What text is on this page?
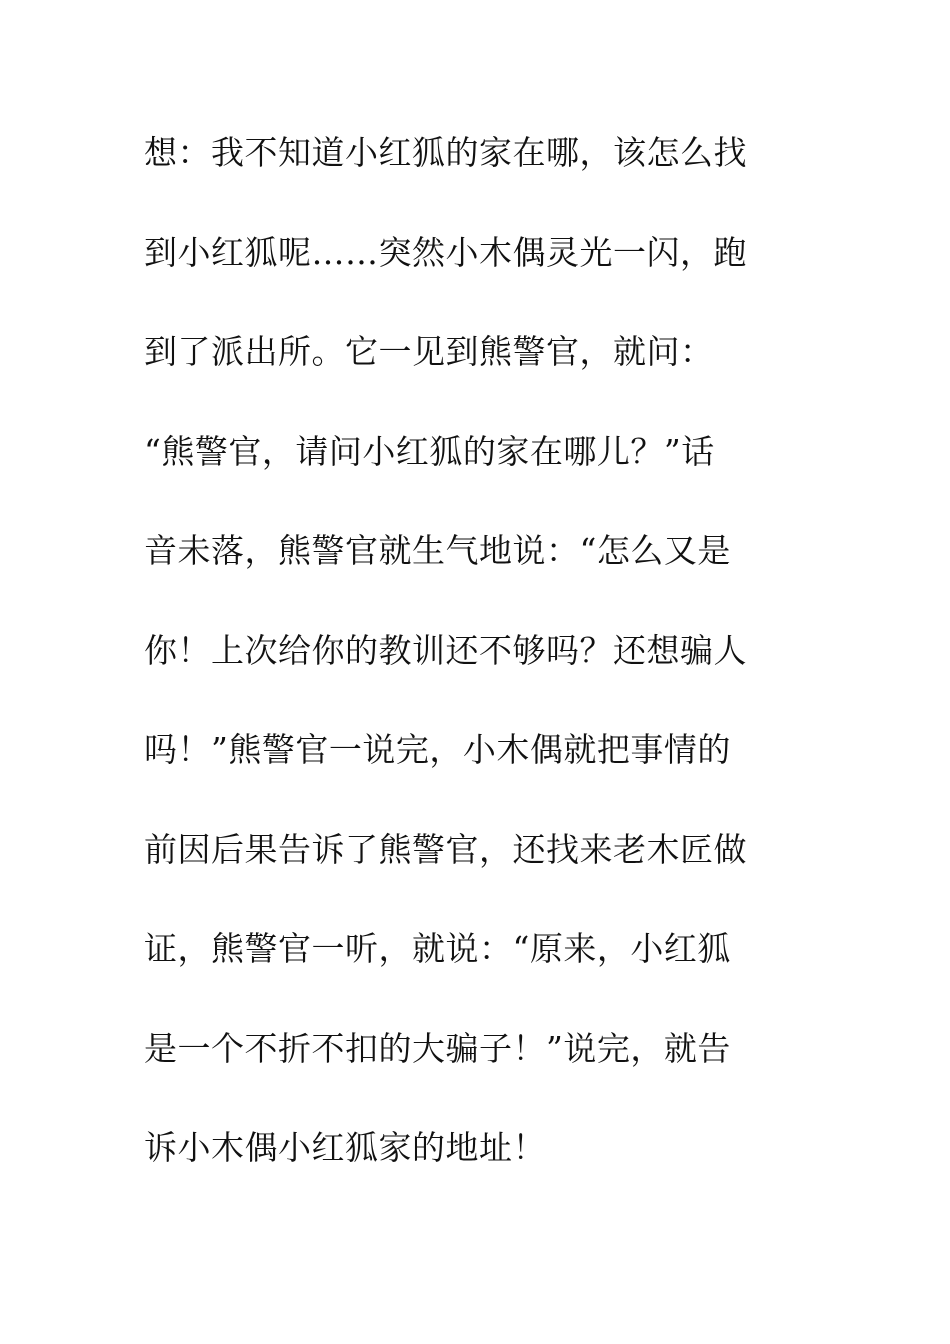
想：我不知道小红狐的家在哪，该怎么找
到小红狐呢……突然小木偶灵光一闪，跑
到了派出所。它一见到熊警官，就问：
“熊警官，请问小红狐的家在哪儿？”话
音未落，熊警官就生气地说：“怎么又是
你！上次给你的教训还不够吗？还想骗人
吗！”熊警官一说完，小木偶就把事情的
前因后果告诉了熊警官，还找来老木匠做
证，熊警官一听，就说：“原来，小红狐
是一个不折不扣的大骗子！”说完，就告
诉小木偶小红狐家的地址！
